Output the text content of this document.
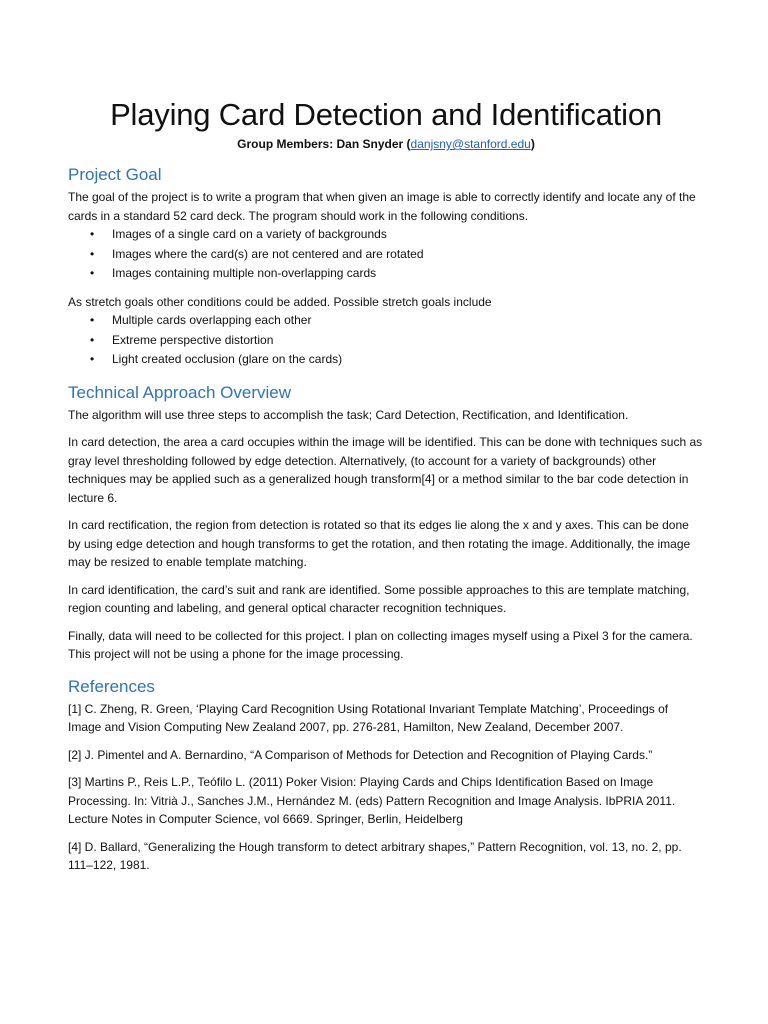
Playing Card Detection and Identification
Group Members: Dan Snyder (danjsny@stanford.edu)
Project Goal

The goal of the project is to write a program that when given an image is able to correctly identify and locate any of the cards in a standard 52 card deck. The program should work in the following conditions.

• Images of a single card on a variety of backgrounds
• Images where the card(s) are not centered and are rotated
• Images containing multiple non-overlapping cards

As stretch goals other conditions could be added. Possible stretch goals include

• Multiple cards overlapping each other
• Extreme perspective distortion
• Light created occlusion (glare on the cards)
Technical Approach Overview

The algorithm will use three steps to accomplish the task; Card Detection, Rectification, and Identification.

In card detection, the area a card occupies within the image will be identified. This can be done with techniques such as gray level thresholding followed by edge detection. Alternatively, (to account for a variety of backgrounds) other techniques may be applied such as a generalized hough transform[4] or a method similar to the bar code detection in lecture 6.

In card rectification, the region from detection is rotated so that its edges lie along the x and y axes. This can be done by using edge detection and hough transforms to get the rotation, and then rotating the image. Additionally, the image may be resized to enable template matching.

In card identification, the card’s suit and rank are identified. Some possible approaches to this are template matching, region counting and labeling, and general optical character recognition techniques.

Finally, data will need to be collected for this project. I plan on collecting images myself using a Pixel 3 for the camera. This project will not be using a phone for the image processing.

References

[1] C. Zheng, R. Green, ‘Playing Card Recognition Using Rotational Invariant Template Matching’, Proceedings of Image and Vision Computing New Zealand 2007, pp. 276-281, Hamilton, New Zealand, December 2007.

[2] J. Pimentel and A. Bernardino, “A Comparison of Methods for Detection and Recognition of Playing Cards.”

[3] Martins P., Reis L.P., Teófilo L. (2011) Poker Vision: Playing Cards and Chips Identification Based on Image Processing. In: Vitrià J., Sanches J.M., Hernández M. (eds) Pattern Recognition and Image Analysis. IbPRIA 2011. Lecture Notes in Computer Science, vol 6669. Springer, Berlin, Heidelberg

[4] D. Ballard, “Generalizing the Hough transform to detect arbitrary shapes,” Pattern Recognition, vol. 13, no. 2, pp. 111–122, 1981.
